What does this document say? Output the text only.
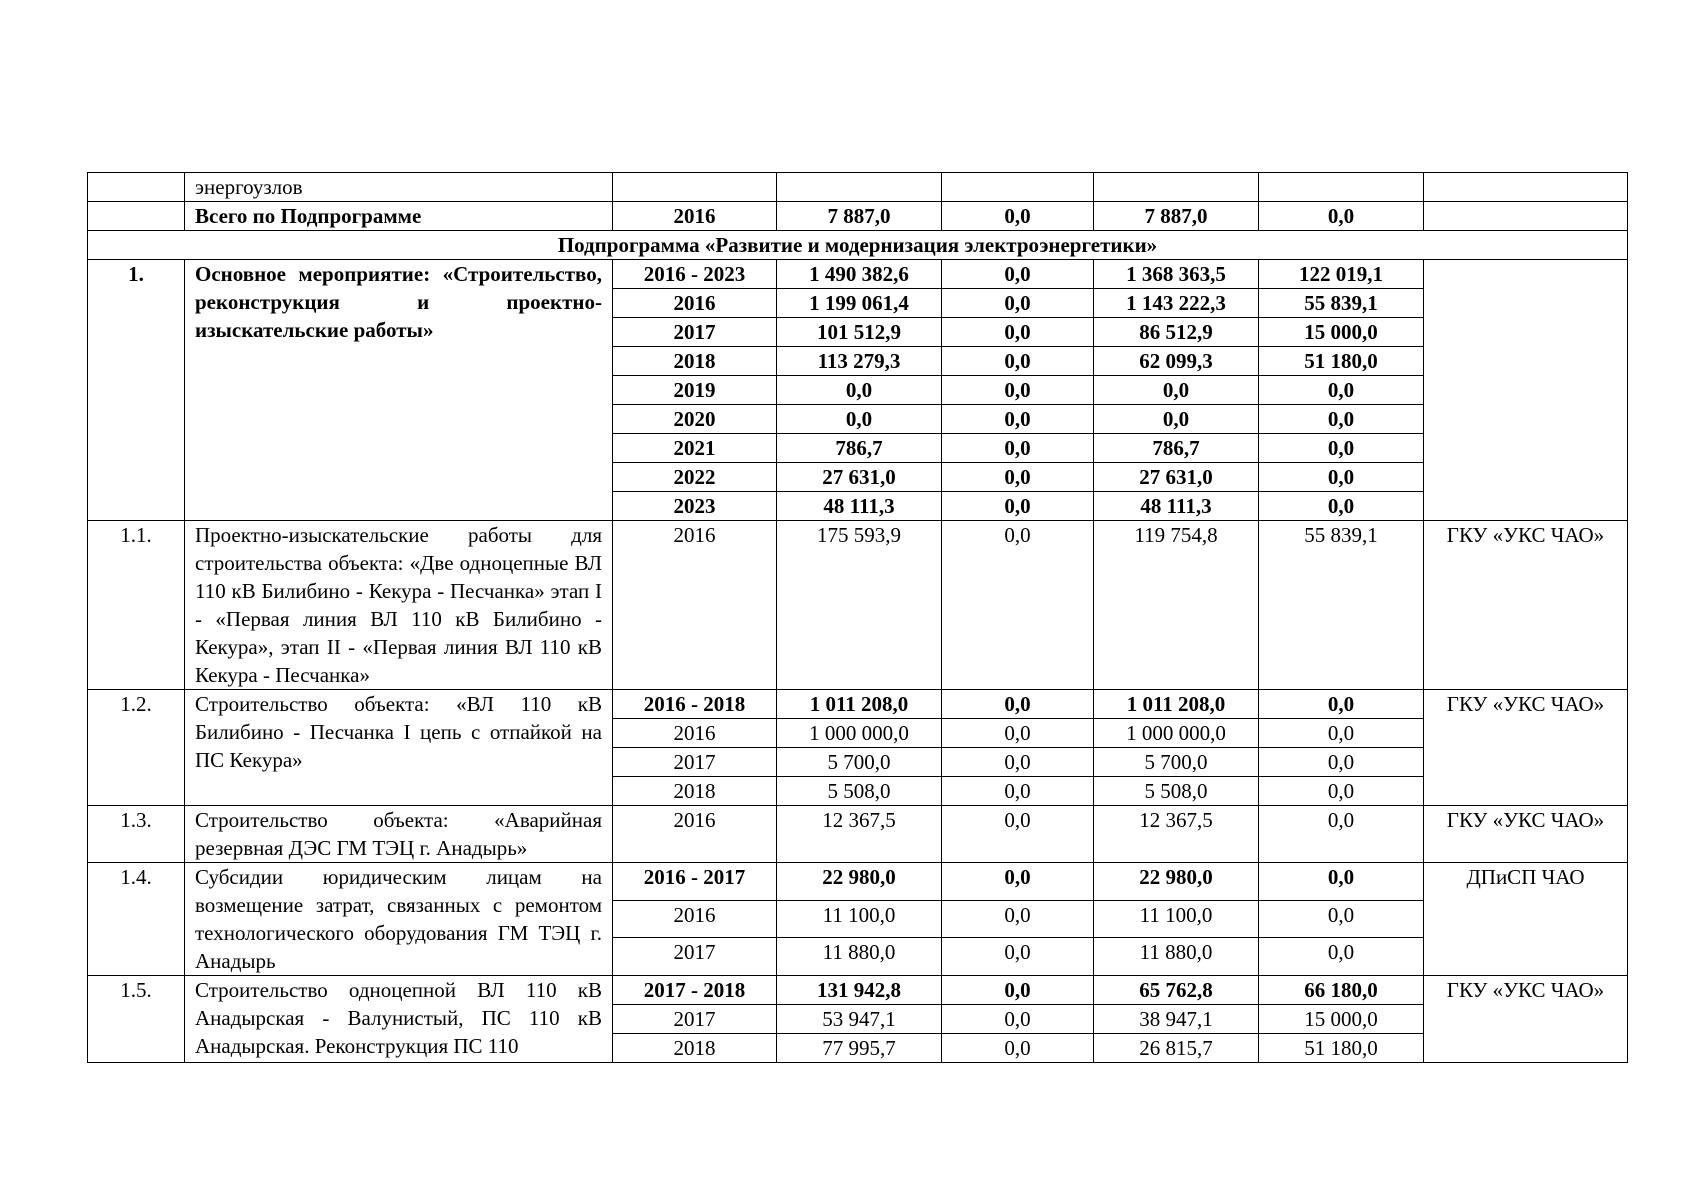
	энергоузлов						
	Всего по Подпрограмме	2016	7 887,0	0,0	7 887,0	0,0	
Подпрограмма «Развитие и модернизация электроэнергетики»							
1.	Основное мероприятие: «Строительство, реконструкция и проектно-изыскательские работы»	2016 - 2023	1 490 382,6	0,0	1 368 363,5	122 019,1	
		2016	1 199 061,4	0,0	1 143 222,3	55 839,1	
		2017	101 512,9	0,0	86 512,9	15 000,0	
		2018	113 279,3	0,0	62 099,3	51 180,0	
		2019	0,0	0,0	0,0	0,0	
		2020	0,0	0,0	0,0	0,0	
		2021	786,7	0,0	786,7	0,0	
		2022	27 631,0	0,0	27 631,0	0,0	
		2023	48 111,3	0,0	48 111,3	0,0	
1.1.	Проектно-изыскательские работы для строительства объекта: «Две одноцепные ВЛ 110 кВ Билибино - Кекура - Песчанка» этап I - «Первая линия ВЛ 110 кВ Билибино - Кекура», этап II - «Первая линия ВЛ 110 кВ Кекура - Песчанка»	2016	175 593,9	0,0	119 754,8	55 839,1	ГКУ «УКС ЧАО»
1.2.	Строительство объекта: «ВЛ 110 кВ Билибино - Песчанка I цепь с отпайкой на ПС Кекура»	2016 - 2018	1 011 208,0	0,0	1 011 208,0	0,0	ГКУ «УКС ЧАО»
		2016	1 000 000,0	0,0	1 000 000,0	0,0	
		2017	5 700,0	0,0	5 700,0	0,0	
		2018	5 508,0	0,0	5 508,0	0,0	
1.3.	Строительство объекта: «Аварийная резервная ДЭС ГМ ТЭЦ г. Анадырь»	2016	12 367,5	0,0	12 367,5	0,0	ГКУ «УКС ЧАО»
1.4.	Субсидии юридическим лицам на возмещение затрат, связанных с ремонтом технологического оборудования ГМ ТЭЦ г. Анадырь	2016 - 2017	22 980,0	0,0	22 980,0	0,0	ДПиСП ЧАО
		2016	11 100,0	0,0	11 100,0	0,0	
		2017	11 880,0	0,0	11 880,0	0,0	
1.5.	Строительство одноцепной ВЛ 110 кВ Анадырская - Валунистый, ПС 110 кВ Анадырская. Реконструкция ПС 110	2017 - 2018	131 942,8	0,0	65 762,8	66 180,0	ГКУ «УКС ЧАО»
		2017	53 947,1	0,0	38 947,1	15 000,0	
		2018	77 995,7	0,0	26 815,7	51 180,0	
